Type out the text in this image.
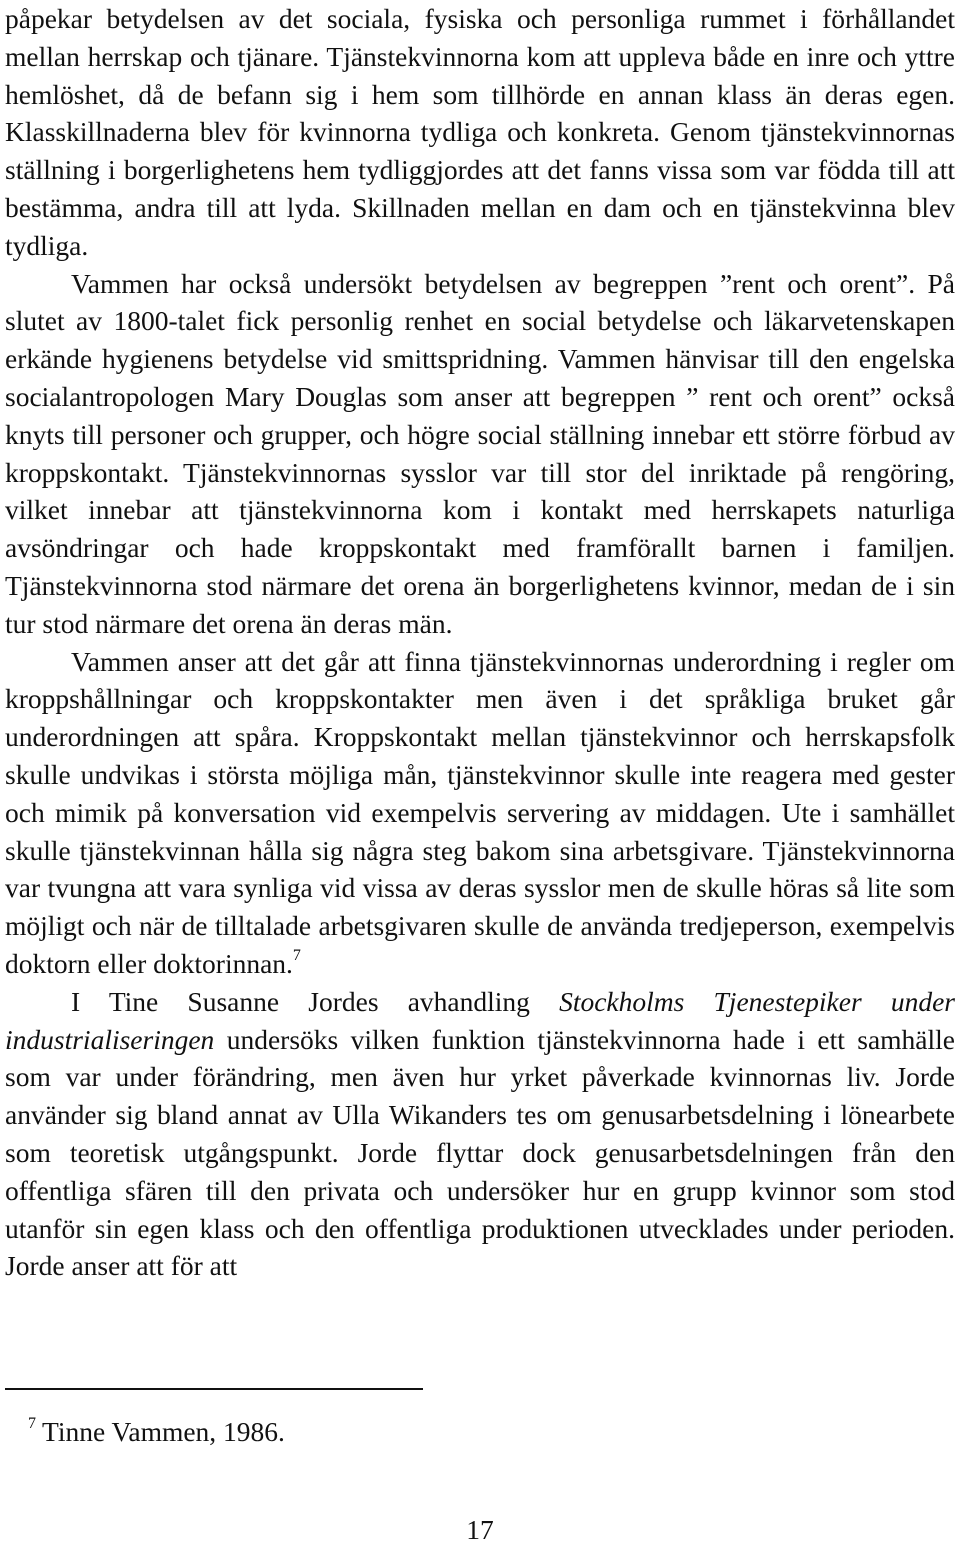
påpekar betydelsen av det sociala, fysiska och personliga rummet i förhållandet mellan herrskap och tjänare. Tjänstekvinnorna kom att uppleva både en inre och yttre hemlöshet, då de befann sig i hem som tillhörde en annan klass än deras egen. Klasskillnaderna blev för kvinnorna tydliga och konkreta. Genom tjänstekvinnornas ställning i borgerlighetens hem tydliggjordes att det fanns vissa som var födda till att bestämma, andra till att lyda. Skillnaden mellan en dam och en tjänstekvinna blev tydliga.

Vammen har också undersökt betydelsen av begreppen ”rent och orent”. På slutet av 1800-talet fick personlig renhet en social betydelse och läkarvetenskapen erkände hygienens betydelse vid smittspridning. Vammen hänvisar till den engelska socialantropologen Mary Douglas som anser att begreppen ” rent och orent” också knyts till personer och grupper, och högre social ställning innebar ett större förbud av kroppskontakt. Tjänstekvinnornas sysslor var till stor del inriktade på rengöring, vilket innebar att tjänstekvinnorna kom i kontakt med herrskapets naturliga avsöndringar och hade kroppskontakt med framförallt barnen i familjen. Tjänstekvinnorna stod närmare det orena än borgerlighetens kvinnor, medan de i sin tur stod närmare det orena än deras män.

Vammen anser att det går att finna tjänstekvinnornas underordning i regler om kroppshållningar och kroppskontakter men även i det språkliga bruket går underordningen att spåra. Kroppskontakt mellan tjänstekvinnor och herrskapsfolk skulle undvikas i största möjliga mån, tjänstekvinnor skulle inte reagera med gester och mimik på konversation vid exempelvis servering av middagen. Ute i samhället skulle tjänstekvinnan hålla sig några steg bakom sina arbetsgivare. Tjänstekvinnorna var tvungna att vara synliga vid vissa av deras sysslor men de skulle höras så lite som möjligt och när de tilltalade arbetsgivaren skulle de använda tredjeperson, exempelvis doktorn eller doktorinnan.$^7$

I Tine Susanne Jordes avhandling Stockholms Tjenestepiker under industrialiseringen undersöks vilken funktion tjänstekvinnorna hade i ett samhälle som var under förändring, men även hur yrket påverkade kvinnornas liv. Jorde använder sig bland annat av Ulla Wikanders tes om genusarbetsdelning i lönearbete som teoretisk utgångspunkt. Jorde flyttar dock genusarbetsdelningen från den offentliga sfären till den privata och undersöker hur en grupp kvinnor som stod utanför sin egen klass och den offentliga produktionen utvecklades under perioden. Jorde anser att för att

$^7$ Tinne Vammen, 1986.
17
